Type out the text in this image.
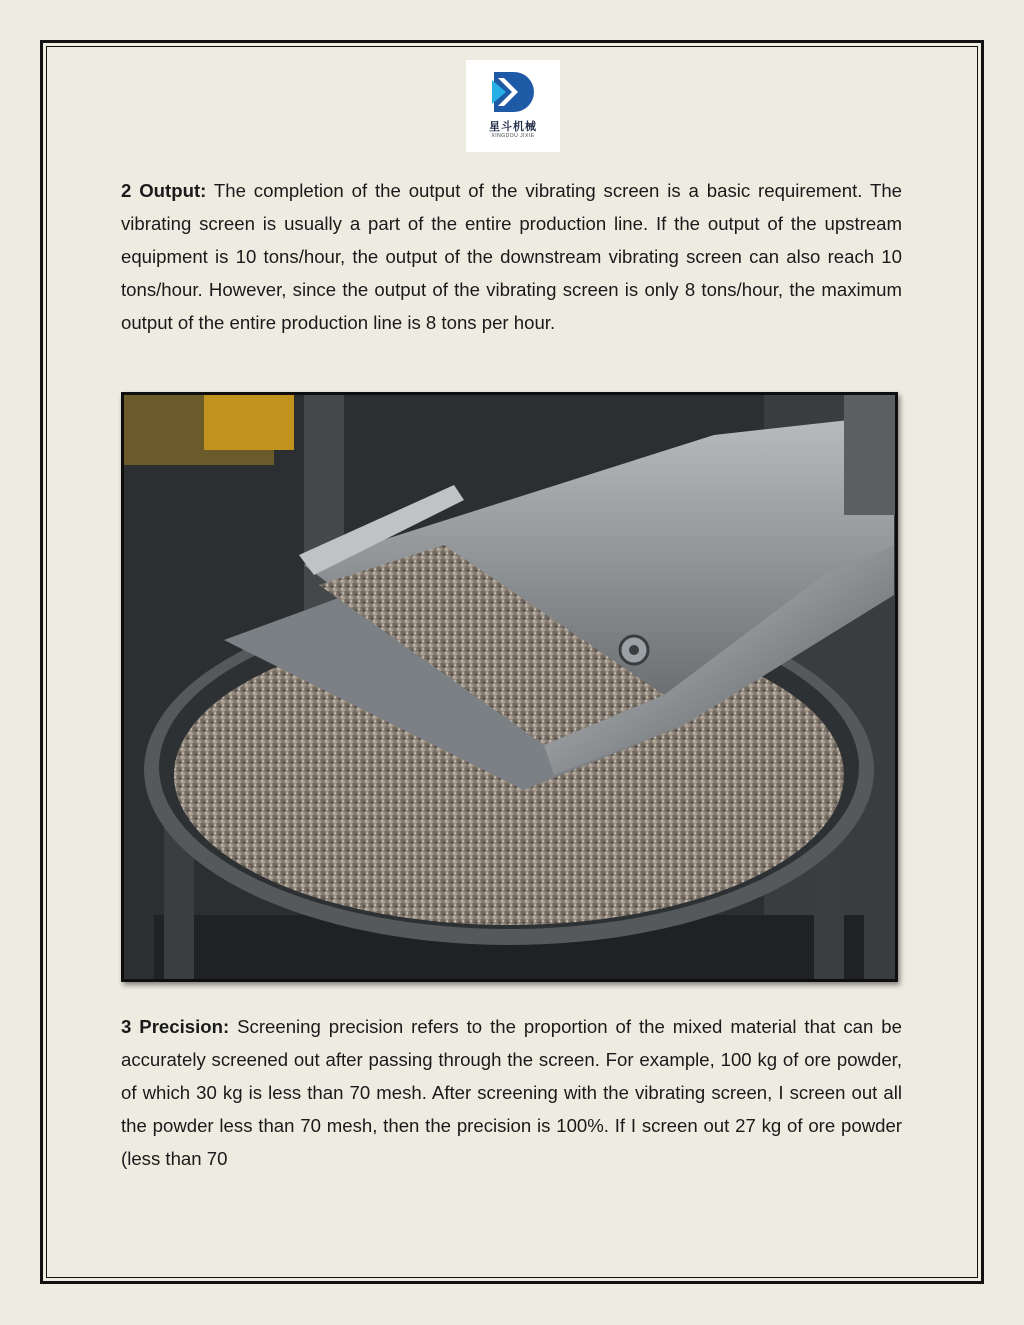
星斗机械
XINGDOU JIXIE

2 Output: The completion of the output of the vibrating screen is a basic requirement. The vibrating screen is usually a part of the entire production line. If the output of the upstream equipment is 10 tons/hour, the output of the downstream vibrating screen can also reach 10 tons/hour. However, since the output of the vibrating screen is only 8 tons/hour, the maximum output of the entire production line is 8 tons per hour.

3 Precision: Screening precision refers to the proportion of the mixed material that can be accurately screened out after passing through the screen. For example, 100 kg of ore powder, of which 30 kg is less than 70 mesh. After screening with the vibrating screen, I screen out all the powder less than 70 mesh, then the precision is 100%. If I screen out 27 kg of ore powder (less than 70
